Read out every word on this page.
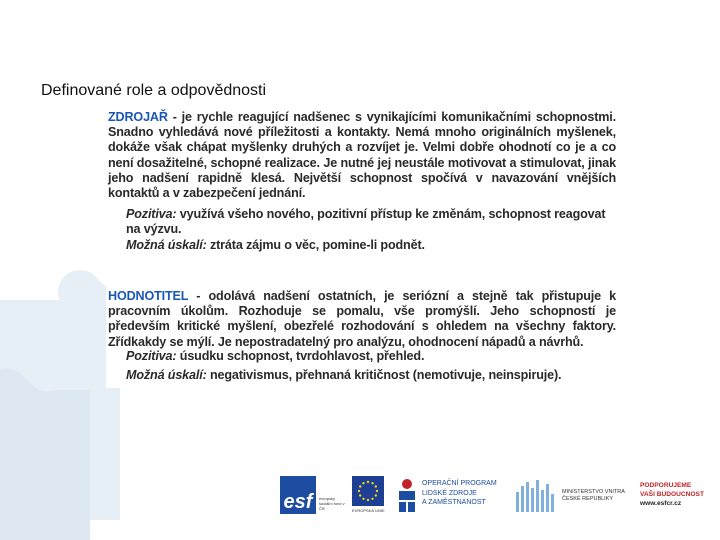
Definované role a odpovědnosti
ZDROJAŘ - je rychle reagující nadšenec s vynikajícími komunikačními schopnostmi. Snadno vyhledává nové příležitosti a kontakty. Nemá mnoho originálních myšlenek, dokáže však chápat myšlenky druhých a rozvíjet je. Velmi dobře ohodnotí co je a co není dosažitelné, schopné realizace. Je nutné jej neustále motivovat a stimulovat, jinak jeho nadšení rapidně klesá. Největší schopnost spočívá v navazování vnějších kontaktů a v zabezpečení jednání.
Pozitiva: využívá všeho nového, pozitivní přístup ke změnám, schopnost reagovat na výzvu.
Možná úskalí: ztráta zájmu o věc, pomine-li podnět.
HODNOTITEL - odolává nadšení ostatních, je seriózní a stejně tak přistupuje k pracovním úkolům. Rozhoduje se pomalu, vše promýšlí. Jeho schopností je především kritické myšlení, obezřelé rozhodování s ohledem na všechny faktory. Zřídkakdy se mýlí. Je nepostradatelný pro analýzu, ohodnocení nápadů a návrhů.
Pozitiva: úsudku schopnost, tvrdohlavost, přehled.
Možná úskalí: negativismus, přehnaná kritičnost (nemotivuje, neinspiruje).
esf	evropský sociální fond v ČR	EVROPSKÁ UNIE
OPERAČNÍ PROGRAM
LIDSKÉ ZDROJE
A ZAMĚSTNANOST
MINISTERSTVO VNITRA
ČESKÉ REPUBLIKY
PODPORUJEME
VAŠI BUDOUCNOST
www.esfcr.cz
